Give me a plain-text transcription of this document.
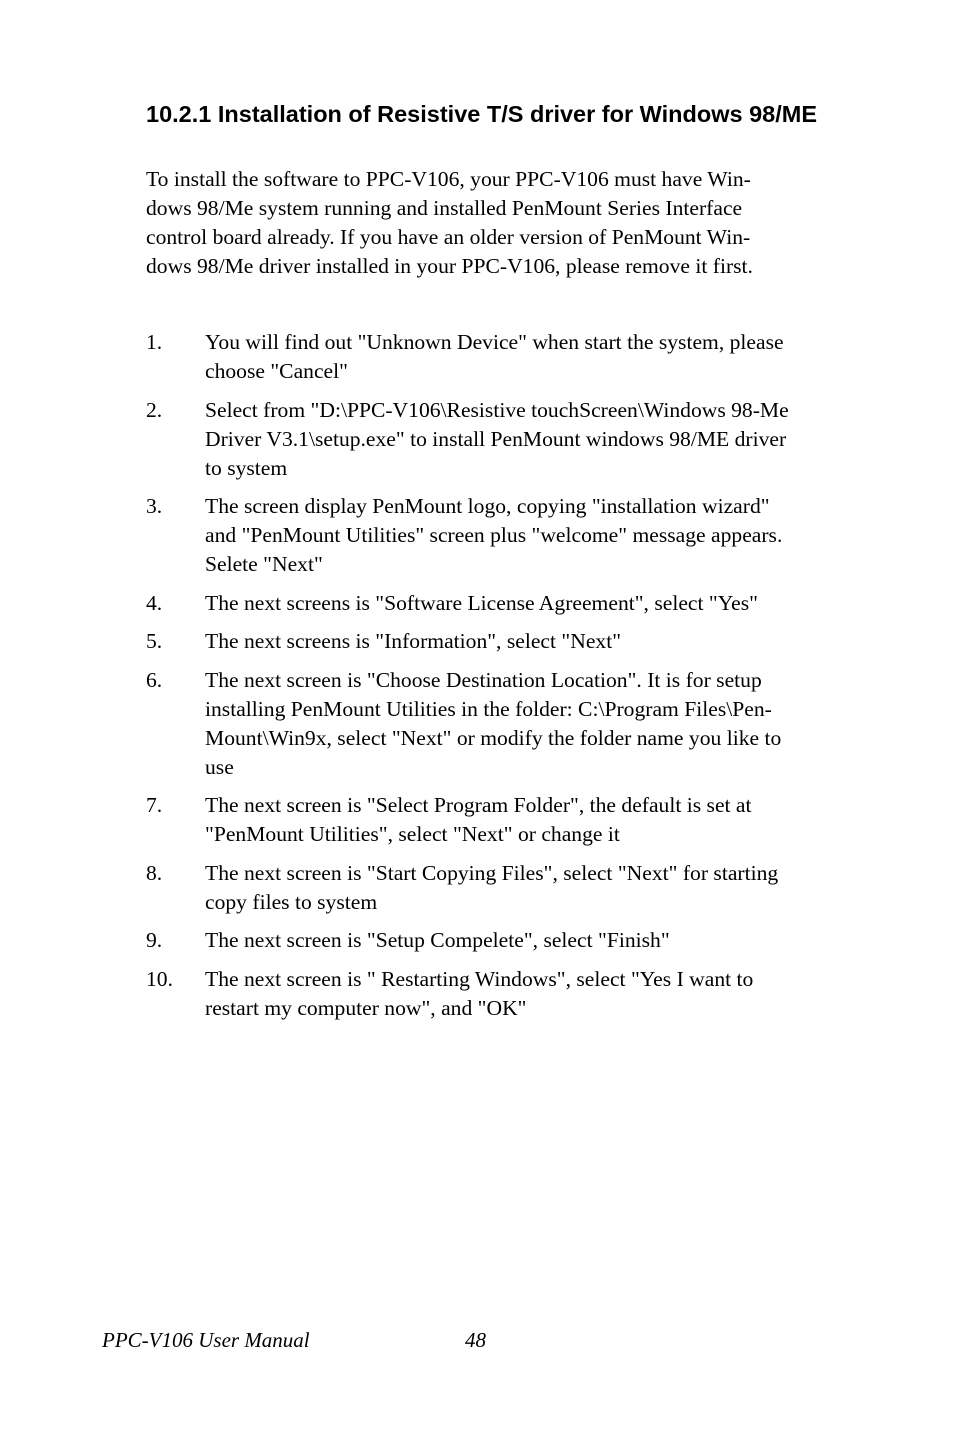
10.2.1 Installation of Resistive T/S driver for Windows 98/ME

To install the software to PPC-V106, your PPC-V106 must have Win-
dows 98/Me system running and installed PenMount Series Interface
control board already. If you have an older version of PenMount Win-
dows 98/Me driver installed in your PPC-V106, please remove it first.

1.	You will find out "Unknown Device" when start the system, please
choose "Cancel"
2.	Select from "D:\PPC-V106\Resistive touchScreen\Windows 98-Me
Driver V3.1\setup.exe" to install PenMount windows 98/ME driver
to system
3.	The screen display PenMount logo, copying "installation wizard"
and "PenMount Utilities" screen plus "welcome" message appears.
Selete "Next"
4.	The next screens is "Software License Agreement", select "Yes"
5.	The next screens is "Information", select "Next"
6.	The next screen is "Choose Destination Location". It is for setup
installing PenMount Utilities in the folder: C:\Program Files\Pen-
Mount\Win9x, select "Next" or modify the folder name you like to
use
7.	The next screen is "Select Program Folder", the default is set at
"PenMount Utilities", select "Next" or change it
8.	The next screen is "Start Copying Files", select "Next" for starting
copy files to system
9.	The next screen is "Setup Compelete", select "Finish"
10.	The next screen is " Restarting Windows", select "Yes I want to
restart my computer now", and "OK"
PPC-V106 User Manual	48
